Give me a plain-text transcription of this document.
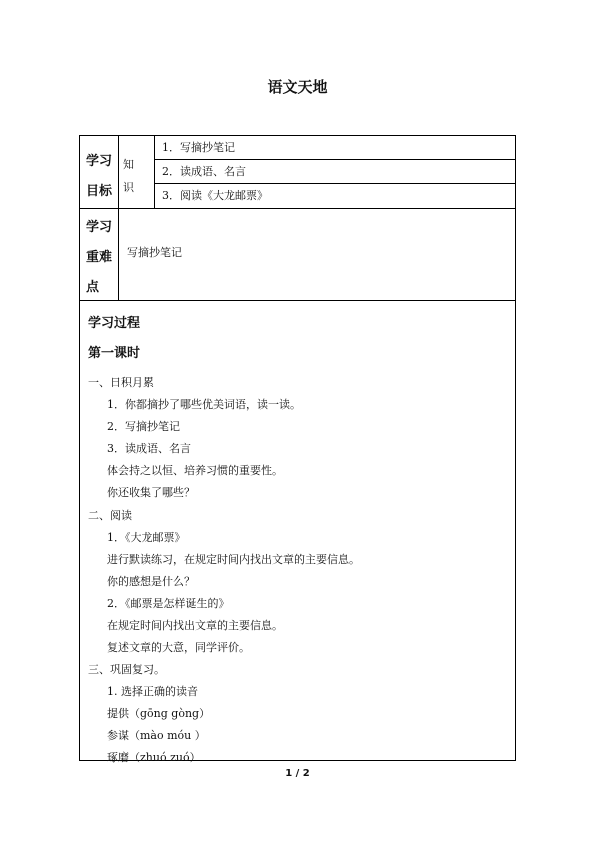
语文天地
学习
目标
知
识
1．写摘抄笔记
2．读成语、名言
3．阅读《大龙邮票》
学习
重难
点
写摘抄笔记
学习过程
第一课时
一、日积月累
1．你都摘抄了哪些优美词语，读一读。
2．写摘抄笔记
3．读成语、名言
体会持之以恒、培养习惯的重要性。
你还收集了哪些？
二、阅读
1．《大龙邮票》
进行默读练习，在规定时间内找出文章的主要信息。
你的感想是什么？
2．《邮票是怎样诞生的》
在规定时间内找出文章的主要信息。
复述文章的大意，同学评价。
三、巩固复习。
1. 选择正确的读音
提供（gōng gòng）
参谋（mào móu ）
琢磨（zhuó zuó）
1 / 2
